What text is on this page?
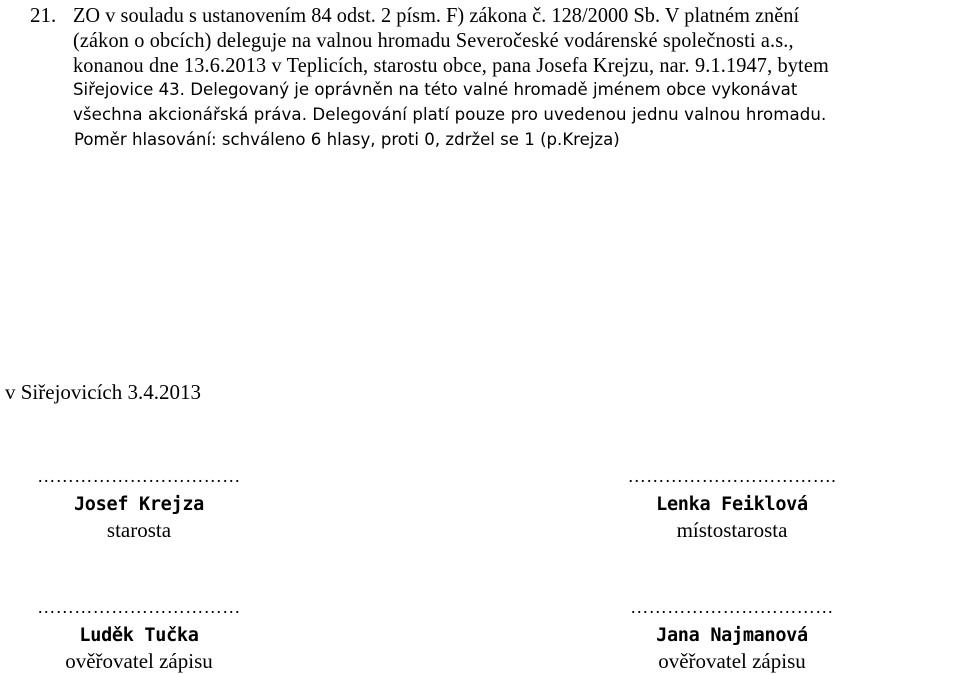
21. ZO v souladu s ustanovením 84 odst. 2 písm. F) zákona č. 128/2000 Sb. V platném znění
(zákon o obcích) deleguje na valnou hromadu Severočeské vodárenské společnosti a.s.,
konanou dne 13.6.2013 v Teplicích, starostu obce, pana Josefa Krejzu, nar. 9.1.1947, bytem
Siřejovice 43. Delegovaný je oprávněn na této valné hromadě jménem obce vykonávat
všechna akcionářská práva. Delegování platí pouze pro uvedenou jednu valnou hromadu.
Poměr hlasování: schváleno 6 hlasy, proti 0, zdržel se 1 (p.Krejza)
v Siřejovicích 3.4.2013
……………………………
Josef Krejza
starosta
…………………………….
Lenka Feiklová
místostarosta
……………………………
Luděk Tučka
ověřovatel zápisu
……………………………
Jana Najmanová
ověřovatel zápisu
